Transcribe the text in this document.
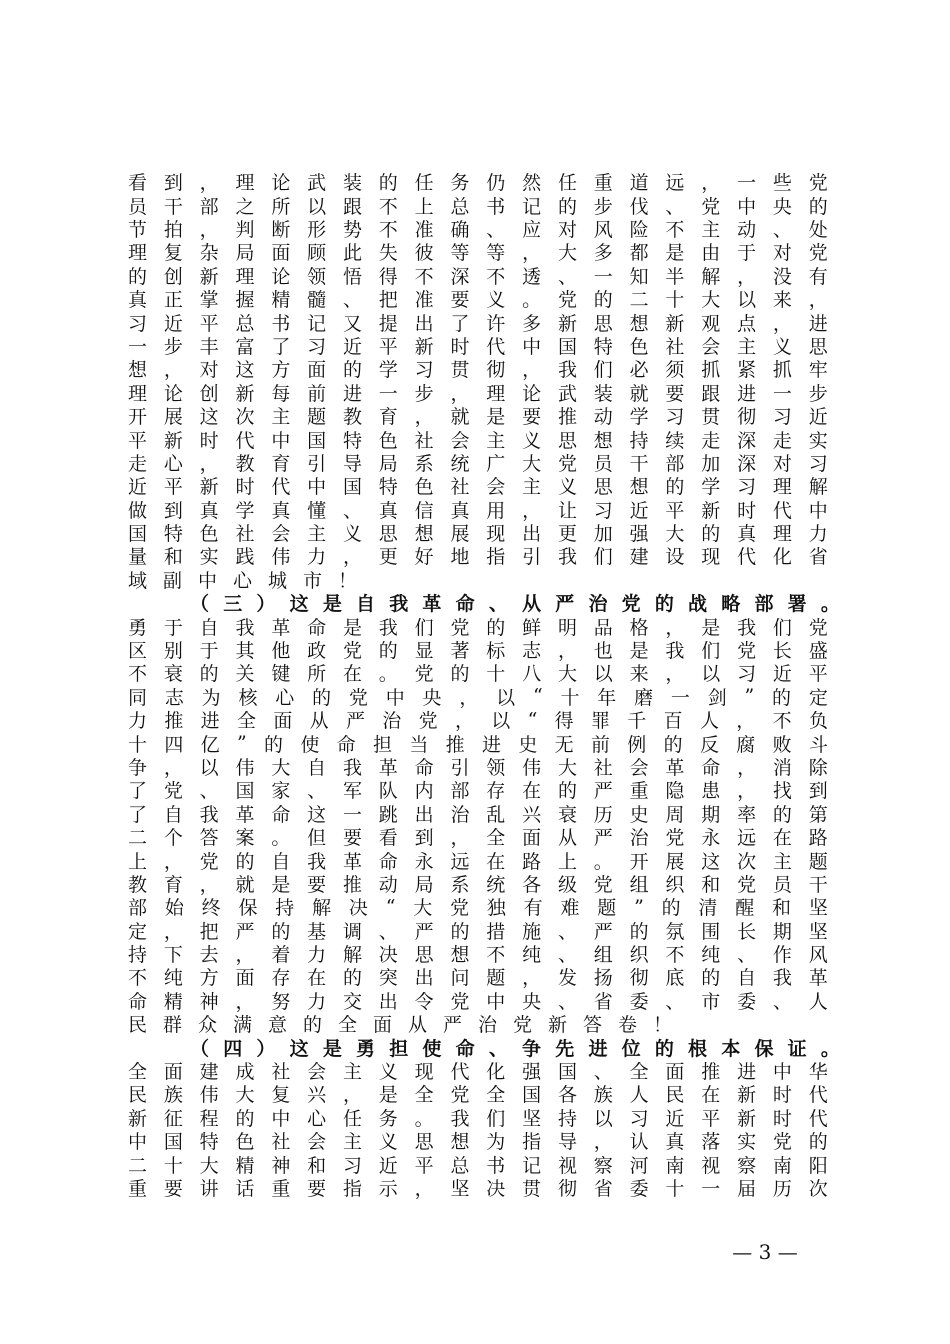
看 到 ， 理 论 武 装 的 任 务 仍 然 任 重 道 远 ， 一 些 党
员 干 部 之 所 以 跟 不 上 总 书 记 的 步 伐 、 党 中 央 的
节 拍 ， 判 断 形 势 不 准 确 、 应 对 风 险 不 主 动 、 处
理 复 杂 局 面 顾 此 失 彼 等 等 ， 大 多 都 是 由 于 对 党
的 创 新 理 论 领 悟 得 不 深 不 透 、 一 知 半 解 ， 没 有
真 正 掌 握 精 髓 、 把 准 要 义 。 党 的 二 十 大 以 来 ，
习 近 平 总 书 记 又 提 出 了 许 多 新 思 想 新 观 点 ， 进
一 步 丰 富 了 习 近 平 新 时 代 中 国 特 色 社 会 主 义 思
想 ， 对 这 方 面 的 学 习 贯 彻 ， 我 们 必 须 抓 紧 抓 牢
理 论 创 新 每 前 进 一 步 ， 理 论 武 装 就 要 跟 进 一 步
开 展 这 次 主 题 教 育 ， 就 是 要 推 动 学 习 贯 彻 习 近
平 新 时 代 中 国 特 色 社 会 主 义 思 想 持 续 走 深 走 实
走 心 ， 教 育 引 导 局 系 统 广 大 党 员 干 部 加 深 对 习
近 平 新 时 代 中 国 特 色 社 会 主 义 思 想 的 学 习 理 解
做 到 真 学 真 懂 、 真 信 真 用 ， 让 习 近 平 新 时 代 中
国 特 色 社 会 主 义 思 想 展 现 出 更 加 强 大 的 真 理 力
量 和 实 践 伟 力 ， 更 好 地 指 引 我 们 建 设 现 代 化 省
域 副 中 心 城 市 ！
（ 三 ） 这 是 自 我 革 命 、 从 严 治 党 的 战 略 部 署 。
勇 于 自 我 革 命 是 我 们 党 的 鲜 明 品 格 ， 是 我 们 党
区 别 于 其 他 政 党 的 显 著 标 志 ， 也 是 我 们 党 长 盛
不 衰 的 关 键 所 在 。 党 的 十 八 大 以 来 ， 以 习 近 平
同 志 为 核 心 的 党 中 央 ， 以 “ 十 年 磨 一 剑 ” 的 定
力 推 进 全 面 从 严 治 党 ， 以 “ 得 罪 千 百 人 ， 不 负
十 四 亿 ” 的 使 命 担 当 推 进 史 无 前 例 的 反 腐 败 斗
争 ， 以 伟 大 自 我 革 命 引 领 伟 大 社 会 革 命 ， 消 除
了 党 、 国 家 、 军 队 内 部 存 在 的 严 重 隐 患 ， 找 到
了 自 我 革 命 这 一 跳 出 治 乱 兴 衰 历 史 周 期 率 的 第
二 个 答 案 。 但 要 看 到 ， 全 面 从 严 治 党 永 远 在 路
上 ， 党 的 自 我 革 命 永 远 在 路 上 。 开 展 这 次 主 题
教 育 ， 就 是 要 推 动 局 系 统 各 级 党 组 织 和 党 员 干
部 始 终 保 持 解 决 “ 大 党 独 有 难 题 ” 的 清 醒 和 坚
定 ， 把 严 的 基 调 、 严 的 措 施 、 严 的 氛 围 长 期 坚
持 下 去 ， 着 力 解 决 思 想 不 纯 、 组 织 不 纯 、 作 风
不 纯 方 面 存 在 的 突 出 问 题 ， 发 扬 彻 底 的 自 我 革
命 精 神 ， 努 力 交 出 令 党 中 央 、 省 委 、 市 委 、 人
民 群 众 满 意 的 全 面 从 严 治 党 新 答 卷 ！
（ 四 ） 这 是 勇 担 使 命 、 争 先 进 位 的 根 本 保 证 。
全 面 建 成 社 会 主 义 现 代 化 强 国 、 全 面 推 进 中 华
民 族 伟 大 复 兴 ， 是 全 党 全 国 各 族 人 民 在 新 时 代
新 征 程 的 中 心 任 务 。 我 们 坚 持 以 习 近 平 新 时 代
中 国 特 色 社 会 主 义 思 想 为 指 导 ， 认 真 落 实 党 的
二 十 大 精 神 和 习 近 平 总 书 记 视 察 河 南 视 察 南 阳
重 要 讲 话 重 要 指 示 ， 坚 决 贯 彻 省 委 十 一 届 历 次
— 3 —
